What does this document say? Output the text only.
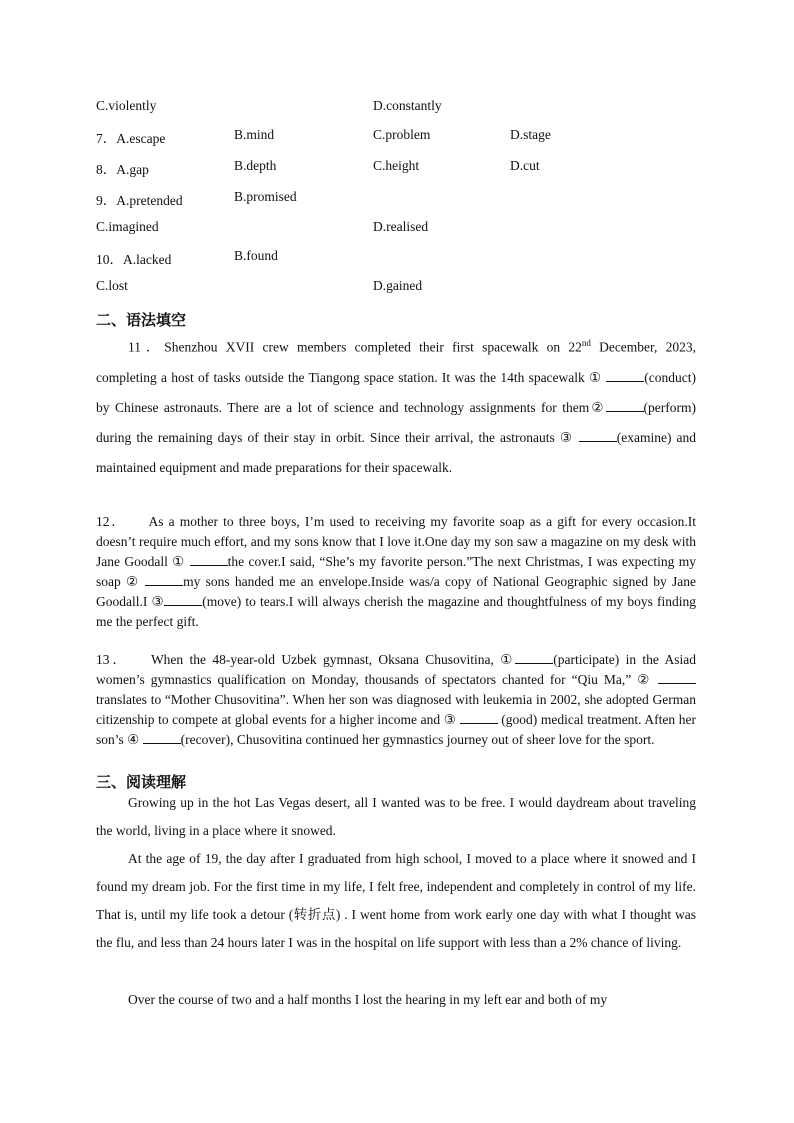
C.violently	D.constantly
7．A.escape	B.mind	C.problem	D.stage
8．A.gap	B.depth	C.height	D.cut
9．A.pretended	B.promised
C.imagined	D.realised
10．A.lacked	B.found
C.lost	D.gained
二、语法填空
11．Shenzhou XVII crew members completed their first spacewalk on 22nd December, 2023, completing a host of tasks outside the Tiangong space station. It was the 14th spacewalk ①	(conduct) by Chinese astronauts. There are a lot of science and technology assignments for them②	(perform) during the remaining days of their stay in orbit. Since their arrival, the astronauts ③	(examine) and maintained equipment and made preparations for their spacewalk.
12． As a mother to three boys, I’m used to receiving my favorite soap as a gift for every occasion.It doesn’t require much effort, and my sons know that I love it.One day my son saw a magazine on my desk with Jane Goodall ①	the cover.I said, “She’s my favorite person.”The next Christmas, I was expecting my soap ②	my sons handed me an envelope.Inside was/a copy of National Geographic signed by Jane Goodall.I ③	(move) to tears.I will always cherish the magazine and thoughtfulness of my boys finding me the perfect gift.
13． When the 48-year-old Uzbek gymnast, Oksana Chusovitina, ①	(participate) in the Asiad women’s gymnastics qualification on Monday, thousands of spectators chanted for “Qiu Ma,” ② translates to “Mother Chusovitina”. When her son was diagnosed with leukemia in 2002, she adopted German citizenship to compete at global events for a higher income and ③	(good) medical treatment. Aften her son’s ④	(recover), Chusovitina continued her gymnastics journey out of sheer love for the sport.
三、阅读理解
Growing up in the hot Las Vegas desert, all I wanted was to be free. I would daydream about traveling the world, living in a place where it snowed.
At the age of 19, the day after I graduated from high school, I moved to a place where it snowed and I found my dream job. For the first time in my life, I felt free, independent and completely in control of my life. That is, until my life took a detour (转折点) . I went home from work early one day with what I thought was the flu, and less than 24 hours later I was in the hospital on life support with less than a 2% chance of living.
Over the course of two and a half months I lost the hearing in my left ear and both of my
